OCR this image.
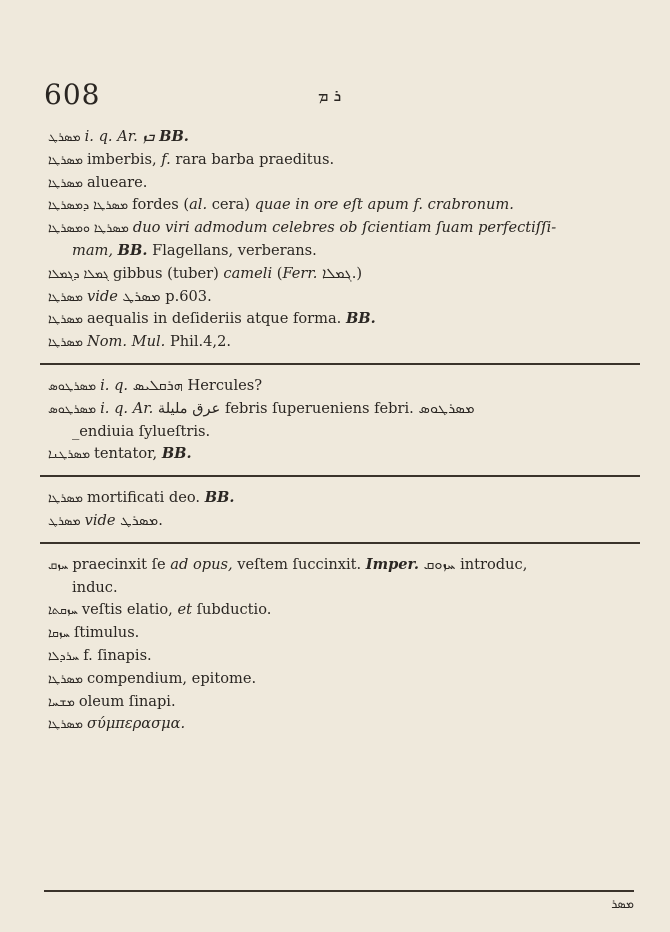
608	ܪ ܡ
ܡܣܪܛ i. q. Ar. ܒܙ BB.
ܡܣܪܛܐ imberbis, f. rara barba praeditus.
ܡܣܪܛܐ alueare.
ܡܣܪܛܐ ܕܡܣܪܛܐ fordes (al. cera) quae in ore eſt apum f. crabronum.
ܡܣܪܛܐ ܘܡܣܪܛܐ duo viri admodum celebres ob ſcientiam ſuam perfectiſſi-
mam, BB. Flagellans, verberans.
ܓܡܠܐ ܕܓܡܠܐ gibbus (tuber) cameli (Ferr. ܓܡܠܐ.)
ܡܣܪܛܐ vide ܡܣܪܛ p.603.
ܡܣܪܛܐ aequalis in deſideriis atque forma. BB.
ܡܣܪܛܐ Nom. Mul. Phil.4,2.
ܡܣܪܛܘܣ i. q. ܗܪܩܠܝܣ Hercules?
ܡܣܪܛܘܣ i. q. Ar. عرق مليلة febris ſuperueniens febri. ܡܣܪܛܘܣ
_endiuia ſylueſtris.
ܡܣܪܛܢܐ tentator, BB.
ܡܣܪܛܐ mortificati deo. BB.
ܡܣܪܛ vide ܡܣܪܛ.
ܚܙܩ praecinxit ſe ad opus, veſtem ſuccinxit. Imper. ܚܙܘܩ introduc,
induc.
ܚܙܩܬܐ veſtis elatio, et ſubductio.
ܚܙܩܐ ſtimulus.
ܚܪܕܠܐ f. ſinapis.
ܡܣܪܛܐ compendium, epitome.
ܡܫܚܐ oleum ſinapi.
ܡܣܪܛܐ σύμπερασμα.
ܡܣܪ
